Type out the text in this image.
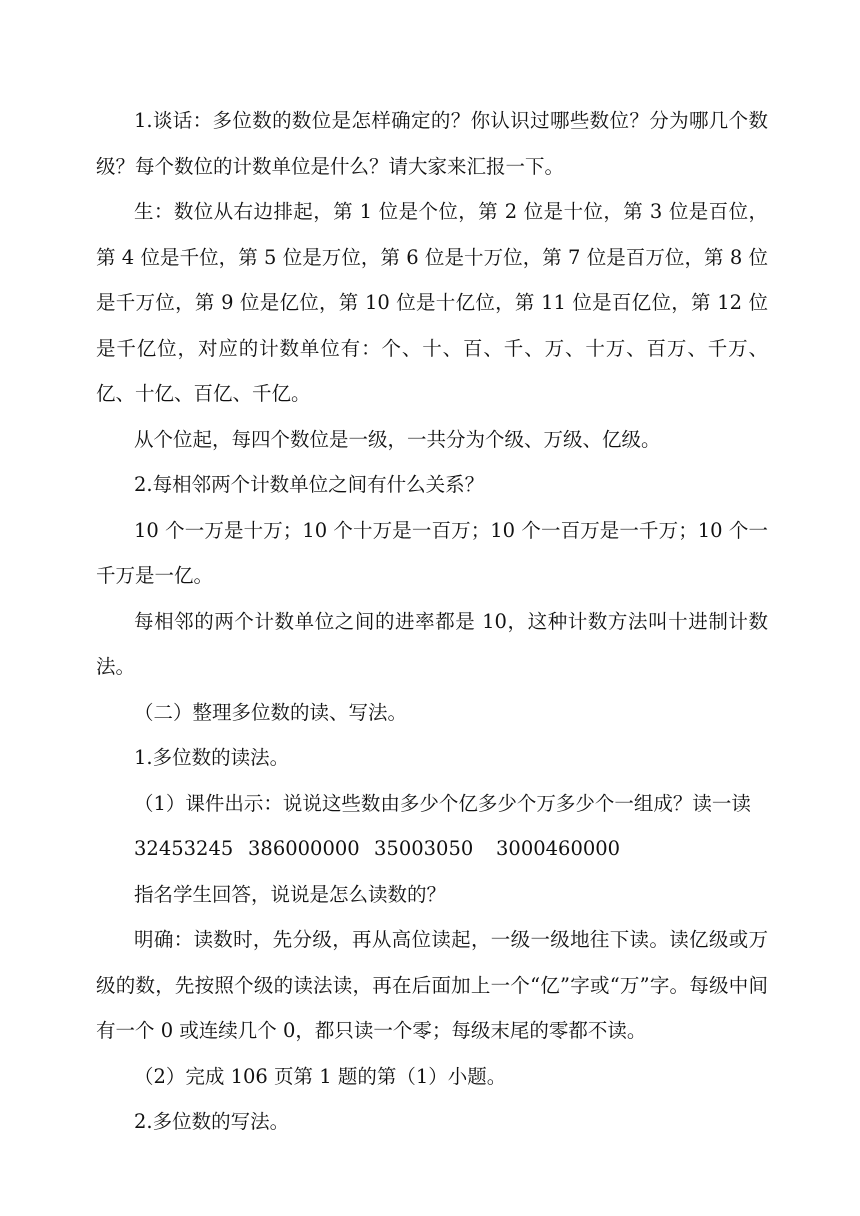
1.谈话：多位数的数位是怎样确定的？你认识过哪些数位？分为哪几个数级？每个数位的计数单位是什么？请大家来汇报一下。

生：数位从右边排起，第 1 位是个位，第 2 位是十位，第 3 位是百位，第 4 位是千位，第 5 位是万位，第 6 位是十万位，第 7 位是百万位，第 8 位是千万位，第 9 位是亿位，第 10 位是十亿位，第 11 位是百亿位，第 12 位是千亿位，对应的计数单位有：个、十、百、千、万、十万、百万、千万、亿、十亿、百亿、千亿。

从个位起，每四个数位是一级，一共分为个级、万级、亿级。

2.每相邻两个计数单位之间有什么关系？

10 个一万是十万；10 个十万是一百万；10 个一百万是一千万；10 个一千万是一亿。

每相邻的两个计数单位之间的进率都是 10，这种计数方法叫十进制计数法。

（二）整理多位数的读、写法。

1.多位数的读法。

（1）课件出示：说说这些数由多少个亿多少个万多少个一组成？读一读

32453245 386000000 35003050	3000460000

指名学生回答，说说是怎么读数的？

明确：读数时，先分级，再从高位读起，一级一级地往下读。读亿级或万级的数，先按照个级的读法读，再在后面加上一个“亿”字或“万”字。每级中间有一个 0 或连续几个 0，都只读一个零；每级末尾的零都不读。

（2）完成 106 页第 1 题的第（1）小题。

2.多位数的写法。
